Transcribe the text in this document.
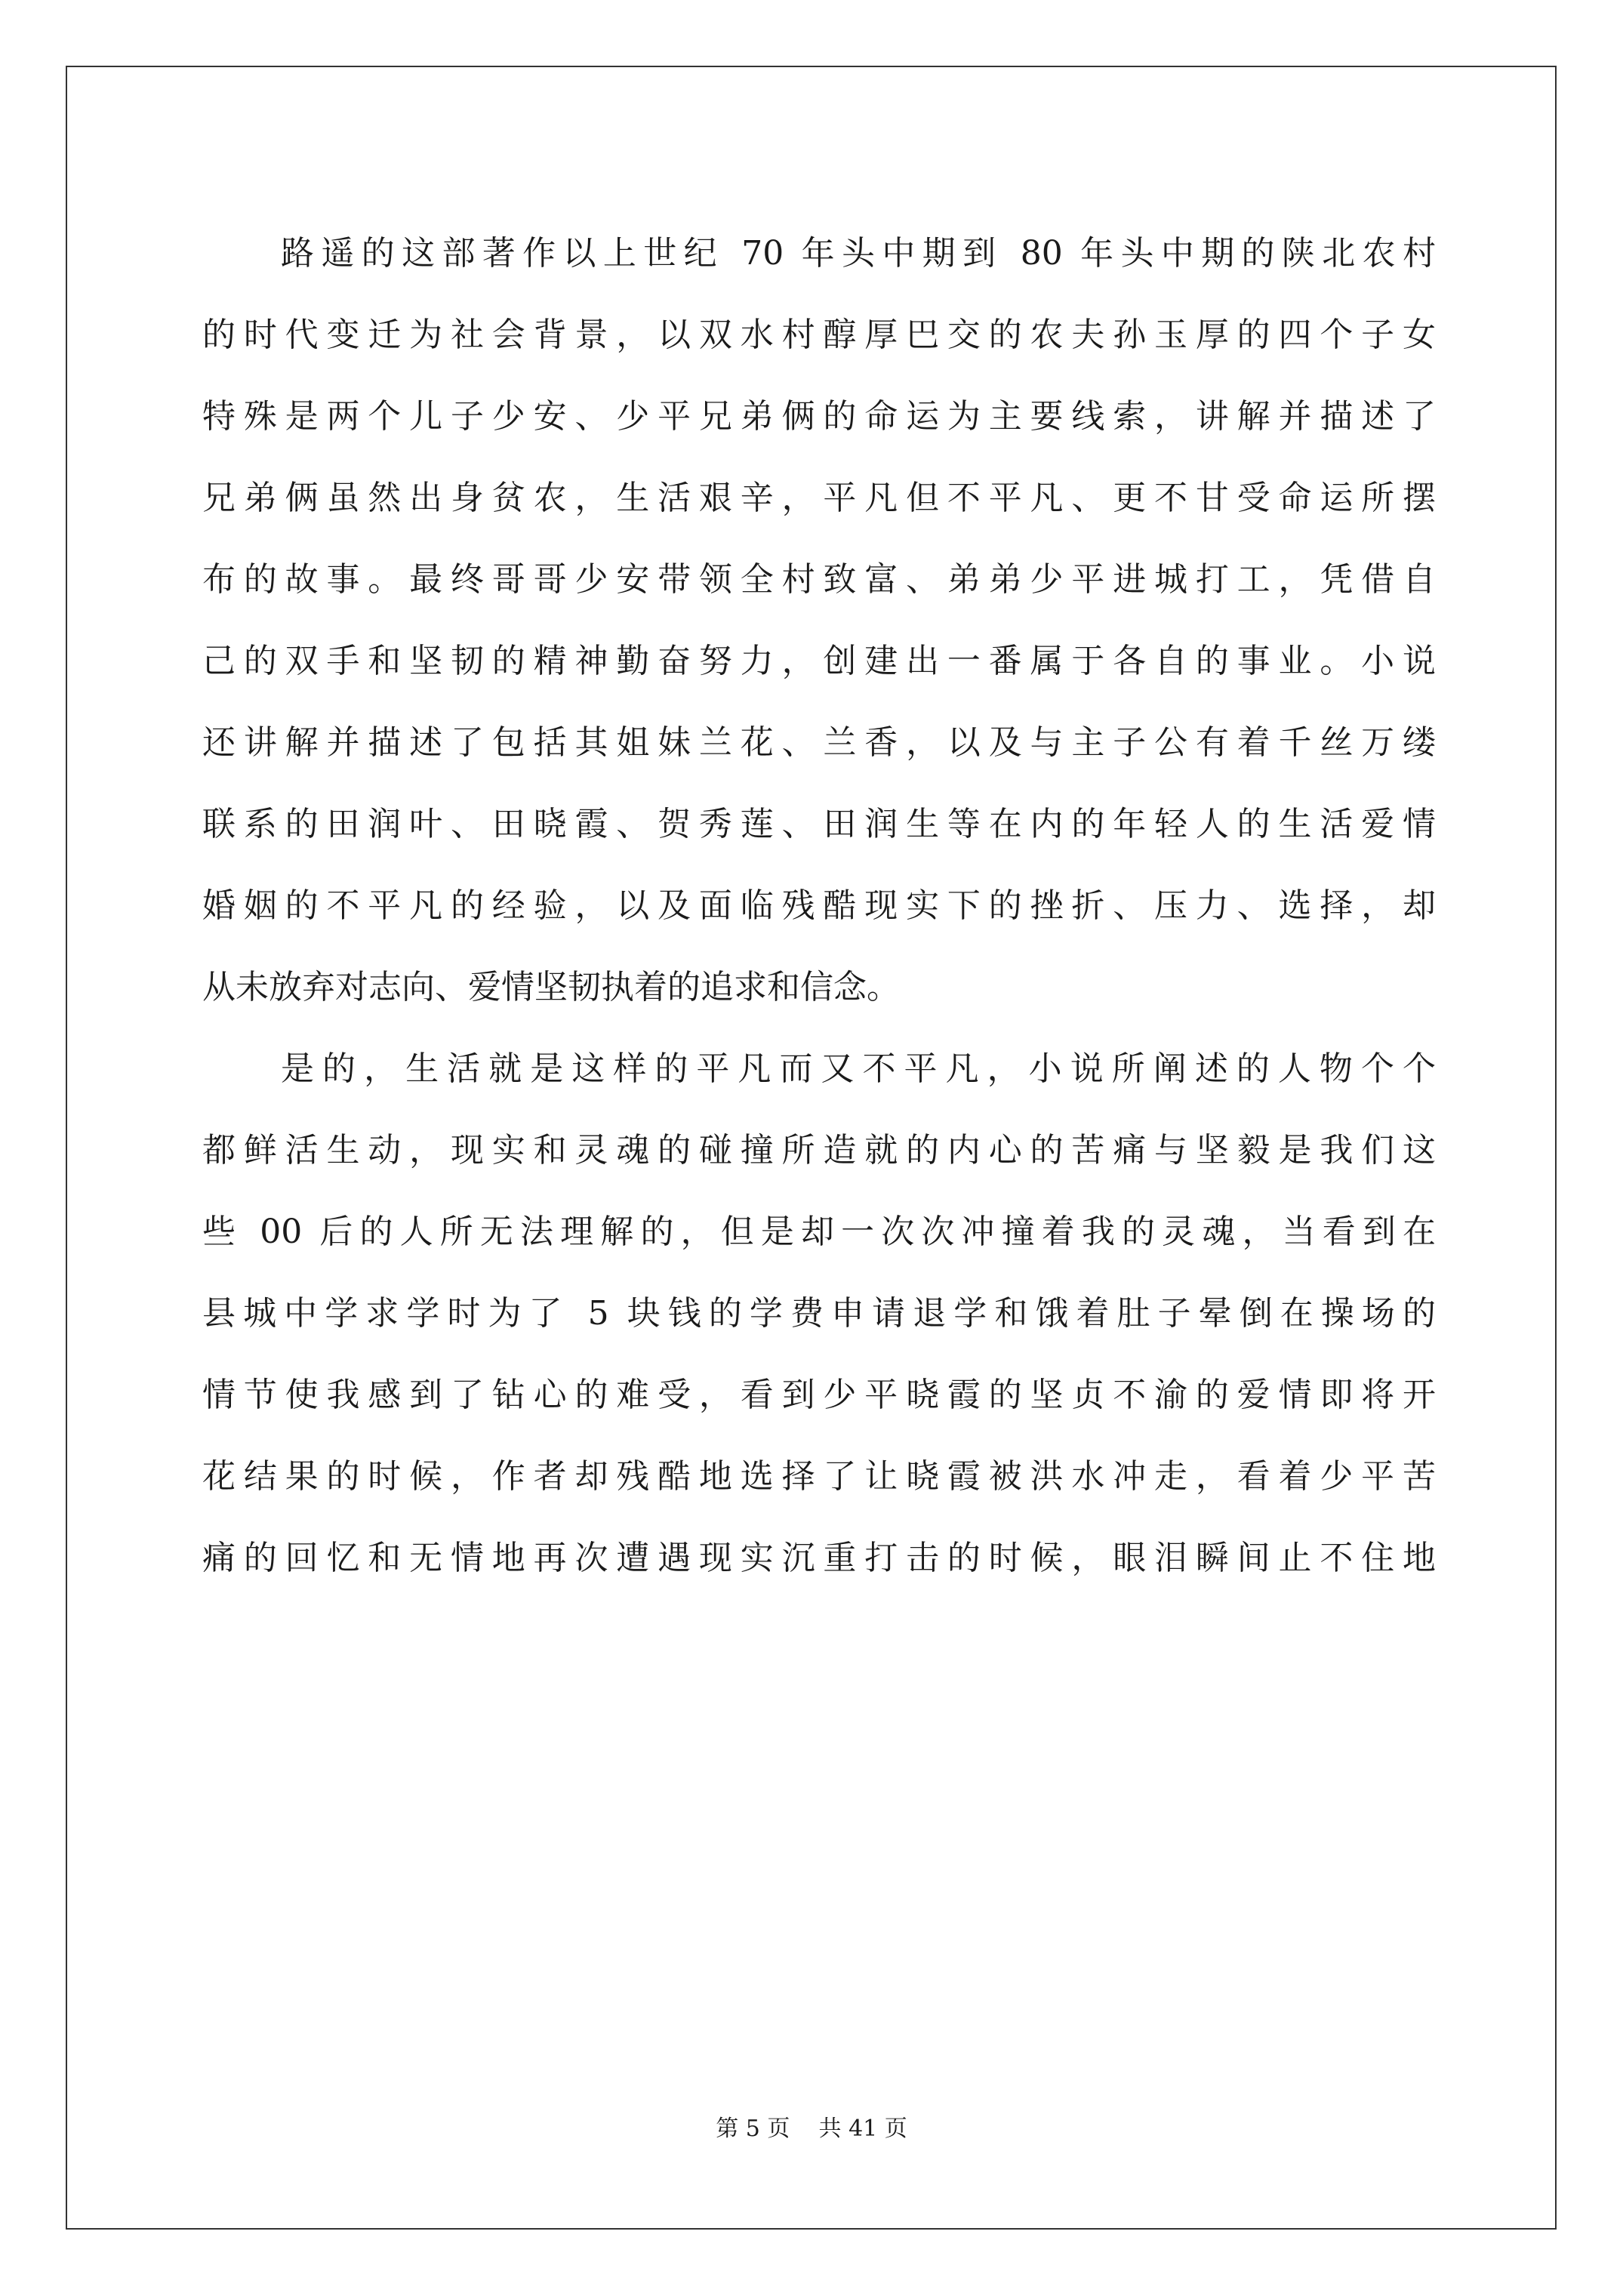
路遥的这部著作以上世纪 70 年头中期到 80 年头中期的陕北农村
的时代变迁为社会背景，以双水村醇厚巴交的农夫孙玉厚的四个子女
特殊是两个儿子少安、少平兄弟俩的命运为主要线索，讲解并描述了
兄弟俩虽然出身贫农，生活艰辛，平凡但不平凡、更不甘受命运所摆
布的故事。最终哥哥少安带领全村致富、弟弟少平进城打工，凭借自
己的双手和坚韧的精神勤奋努力，创建出一番属于各自的事业。小说
还讲解并描述了包括其姐妹兰花、兰香，以及与主子公有着千丝万缕
联系的田润叶、田晓霞、贺秀莲、田润生等在内的年轻人的生活爱情
婚姻的不平凡的经验，以及面临残酷现实下的挫折、压力、选择，却
从未放弃对志向、爱情坚韧执着的追求和信念。
是的，生活就是这样的平凡而又不平凡，小说所阐述的人物个个
都鲜活生动，现实和灵魂的碰撞所造就的内心的苦痛与坚毅是我们这
些 00 后的人所无法理解的，但是却一次次冲撞着我的灵魂，当看到在
县城中学求学时为了 5 块钱的学费申请退学和饿着肚子晕倒在操场的
情节使我感到了钻心的难受，看到少平晓霞的坚贞不渝的爱情即将开
花结果的时候，作者却残酷地选择了让晓霞被洪水冲走，看着少平苦
痛的回忆和无情地再次遭遇现实沉重打击的时候，眼泪瞬间止不住地
第 5 页 共 41 页
